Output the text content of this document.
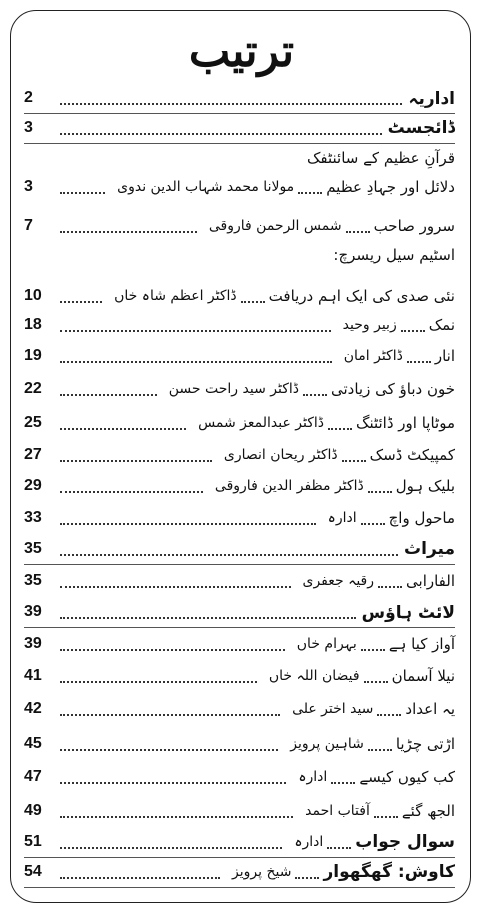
ترتیب
2	اداریہ
3	ڈائجسٹ
قرآنِ عظیم کے سائنٹفک
3	مولانا محمد شہاب الدین ندوی دلائل اور جہادِ عظیم
7	شمس الرحمن فاروقی سرور صاحب
اسٹیم سیل ریسرچ:
10	ڈاکٹر اعظم شاہ خاں نئی صدی کی ایک اہم دریافت
18	زبیر وحید نمک
19	ڈاکٹر امان انار
22	ڈاکٹر سید راحت حسن خون دباؤ کی زیادتی
25	ڈاکٹر عبدالمعز شمس موٹاپا اور ڈائٹنگ
27	ڈاکٹر ریحان انصاری کمپیکٹ ڈسک
29	ڈاکٹر مظفر الدین فاروقی بلیک ہول
33	ادارہ ماحول واچ
35	میراث
35	رقیہ جعفری الفارابی
39	لائٹ ہاؤس
39	بہرام خاں آواز کیا ہے
41	فیضان اللہ خاں نیلا آسمان
42	سید اختر علی یہ اعداد
45	شاہین پرویز اڑتی چڑیا
47	ادارہ کب کیوں کیسے
49	آفتاب احمد الجھ گئے
51	ادارہ سوال جواب
54	شیخ پرویز کاوش: گھگھوار
